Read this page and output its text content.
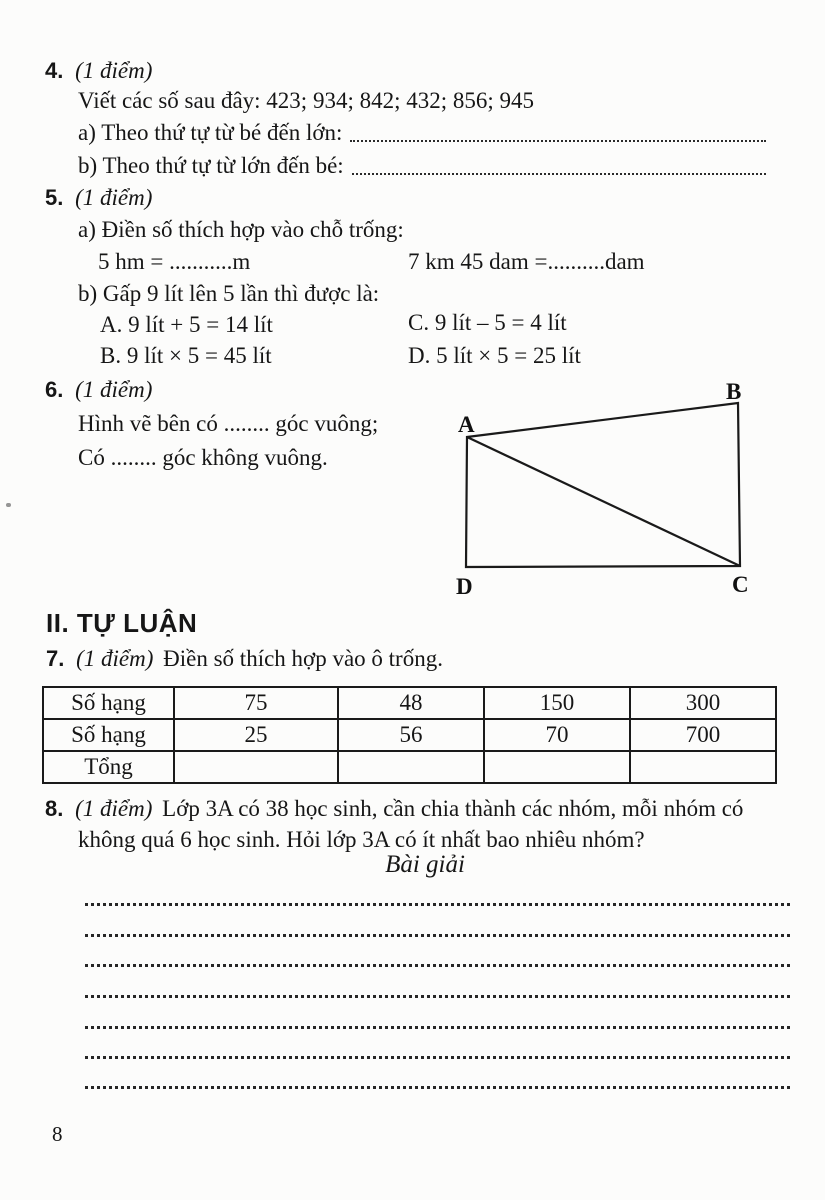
4. (1 điểm)
Viết các số sau đây: 423; 934; 842; 432; 856; 945
a) Theo thứ tự từ bé đến lớn:
b) Theo thứ tự từ lớn đến bé:
5. (1 điểm)
a) Điền số thích hợp vào chỗ trống:
5 hm = ...........m	7 km 45 dam =..........dam
b) Gấp 9 lít lên 5 lần thì được là:
A. 9 lít + 5 = 14 lít	C. 9 lít – 5 = 4 lít
B. 9 lít × 5 = 45 lít	D. 5 lít × 5 = 25 lít
6. (1 điểm)
Hình vẽ bên có ........ góc vuông;
Có ........ góc không vuông.
A
B
C
D
II. TỰ LUẬN
7. (1 điểm) Điền số thích hợp vào ô trống.
Số hạng	75	48	150	300
Số hạng	25	56	70	700
Tổng				
8. (1 điểm) Lớp 3A có 38 học sinh, cần chia thành các nhóm, mỗi nhóm có
không quá 6 học sinh. Hỏi lớp 3A có ít nhất bao nhiêu nhóm?
Bài giải
8
